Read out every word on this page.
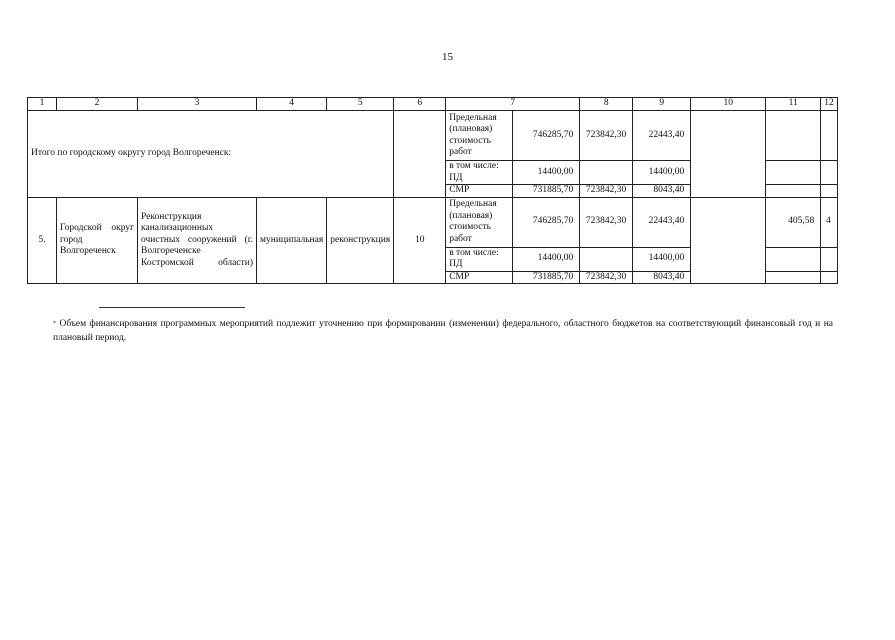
15
1	2	3	4	5	6	7		8	9	10	11	12
Итого по городскому округу город Волгореченск:						Предельная (плановая) стоимость работ	746285,70	723842,30	22443,40			
						в том числе: ПД	14400,00		14400,00			
						СМР	731885,70	723842,30	8043,40			
5.	Городской округ город Волгореченск	Реконструкция канализационных очистных сооружений (г. Волгореченске Костромской области)	муниципальная	реконструкция	10	Предельная (плановая) стоимость работ	746285,70	723842,30	22443,40		405,58	4
						в том числе: ПД	14400,00		14400,00			
						СМР	731885,70	723842,30	8043,40			
* Объем финансирования программных мероприятий подлежит уточнению при формировании (изменении) федерального, областного бюджетов на соответствующий финансовый год и на плановый период.
